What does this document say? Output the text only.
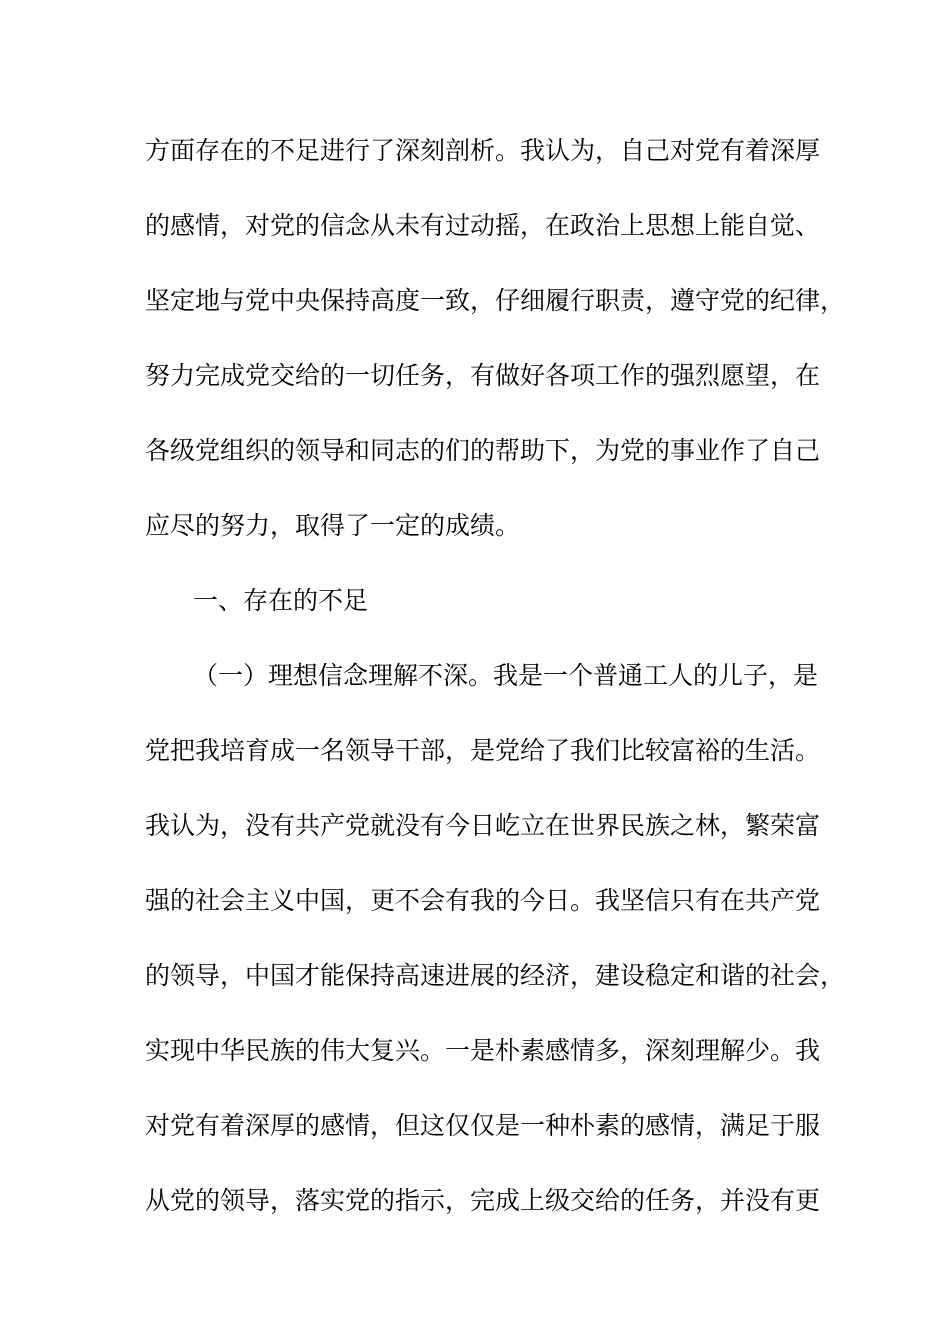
方面存在的不足进行了深刻剖析。我认为，自己对党有着深厚
的感情，对党的信念从未有过动摇，在政治上思想上能自觉、
坚定地与党中央保持高度一致，仔细履行职责，遵守党的纪律，
努力完成党交给的一切任务，有做好各项工作的强烈愿望，在
各级党组织的领导和同志的们的帮助下，为党的事业作了自己
应尽的努力，取得了一定的成绩。
一、存在的不足
（一）理想信念理解不深。我是一个普通工人的儿子，是
党把我培育成一名领导干部，是党给了我们比较富裕的生活。
我认为，没有共产党就没有今日屹立在世界民族之林，繁荣富
强的社会主义中国，更不会有我的今日。我坚信只有在共产党
的领导，中国才能保持高速进展的经济，建设稳定和谐的社会，
实现中华民族的伟大复兴。一是朴素感情多，深刻理解少。我
对党有着深厚的感情，但这仅仅是一种朴素的感情，满足于服
从党的领导，落实党的指示，完成上级交给的任务，并没有更
